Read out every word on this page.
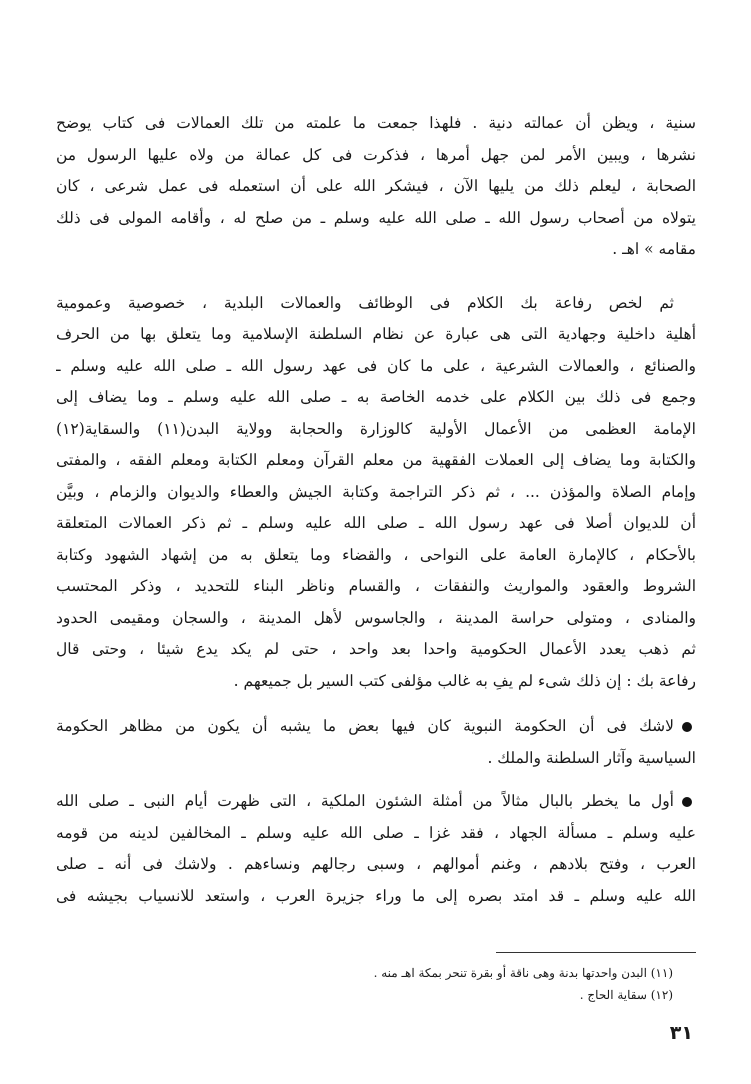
سنية ، ويظن أن عمالته دنية . فلهذا جمعت ما علمته من تلك العمالات فى كتاب يوضح
نشرها ، ويبين الأمر لمن جهل أمرها ، فذكرت فى كل عمالة من ولاه عليها الرسول من
الصحابة ، ليعلم ذلك من يليها الآن ، فيشكر الله على أن استعمله فى عمل شرعى ، كان
يتولاه من أصحاب رسول الله ـ صلى الله عليه وسلم ـ من صلح له ، وأقامه المولى فى ذلك
مقامه » اهـ .
ثم لخص رفاعة بك الكلام فى الوظائف والعمالات البلدية ، خصوصية وعمومية
أهلية داخلية وجهادية التى هى عبارة عن نظام السلطنة الإسلامية وما يتعلق بها من الحرف
والصنائع ، والعمالات الشرعية ، على ما كان فى عهد رسول الله ـ صلى الله عليه وسلم ـ
وجمع فى ذلك بين الكلام على خدمه الخاصة به ـ صلى الله عليه وسلم ـ وما يضاف إلى
الإمامة العظمى من الأعمال الأولية كالوزارة والحجابة وولاية البدن(١١) والسقاية(١٢)
والكتابة وما يضاف إلى العملات الفقهية من معلم القرآن ومعلم الكتابة ومعلم الفقه ، والمفتى
وإمام الصلاة والمؤذن ... ، ثم ذكر التراجمة وكتابة الجيش والعطاء والديوان والزمام ، وبيَّن
أن للديوان أصلا فى عهد رسول الله ـ صلى الله عليه وسلم ـ ثم ذكر العمالات المتعلقة
بالأحكام ، كالإمارة العامة على النواحى ، والقضاء وما يتعلق به من إشهاد الشهود وكتابة
الشروط والعقود والمواريث والنفقات ، والقسام وناظر البناء للتحديد ، وذكر المحتسب
والمنادى ، ومتولى حراسة المدينة ، والجاسوس لأهل المدينة ، والسجان ومقيمى الحدود
ثم ذهب يعدد الأعمال الحكومية واحدا بعد واحد ، حتى لم يكد يدع شيئا ، وحتى قال
رفاعة بك : إن ذلك شىء لم يفِ به غالب مؤلفى كتب السير بل جميعهم .
لاشك فى أن الحكومة النبوية كان فيها بعض ما يشبه أن يكون من مظاهر الحكومة
السياسية وآثار السلطنة والملك .
أول ما يخطر بالبال مثالاً من أمثلة الشئون الملكية ، التى ظهرت أيام النبى ـ صلى الله
عليه وسلم ـ مسألة الجهاد ، فقد غزا ـ صلى الله عليه وسلم ـ المخالفين لدينه من قومه
العرب ، وفتح بلادهم ، وغنم أموالهم ، وسبى رجالهم ونساءهم . ولاشك فى أنه ـ صلى
الله عليه وسلم ـ قد امتد بصره إلى ما وراء جزيرة العرب ، واستعد للانسياب بجيشه فى
(١١) البدن واحدتها بدنة وهى ناقة أو بقرة تنحر بمكة اهـ منه .
(١٢) سقاية الحاج .
٣١
